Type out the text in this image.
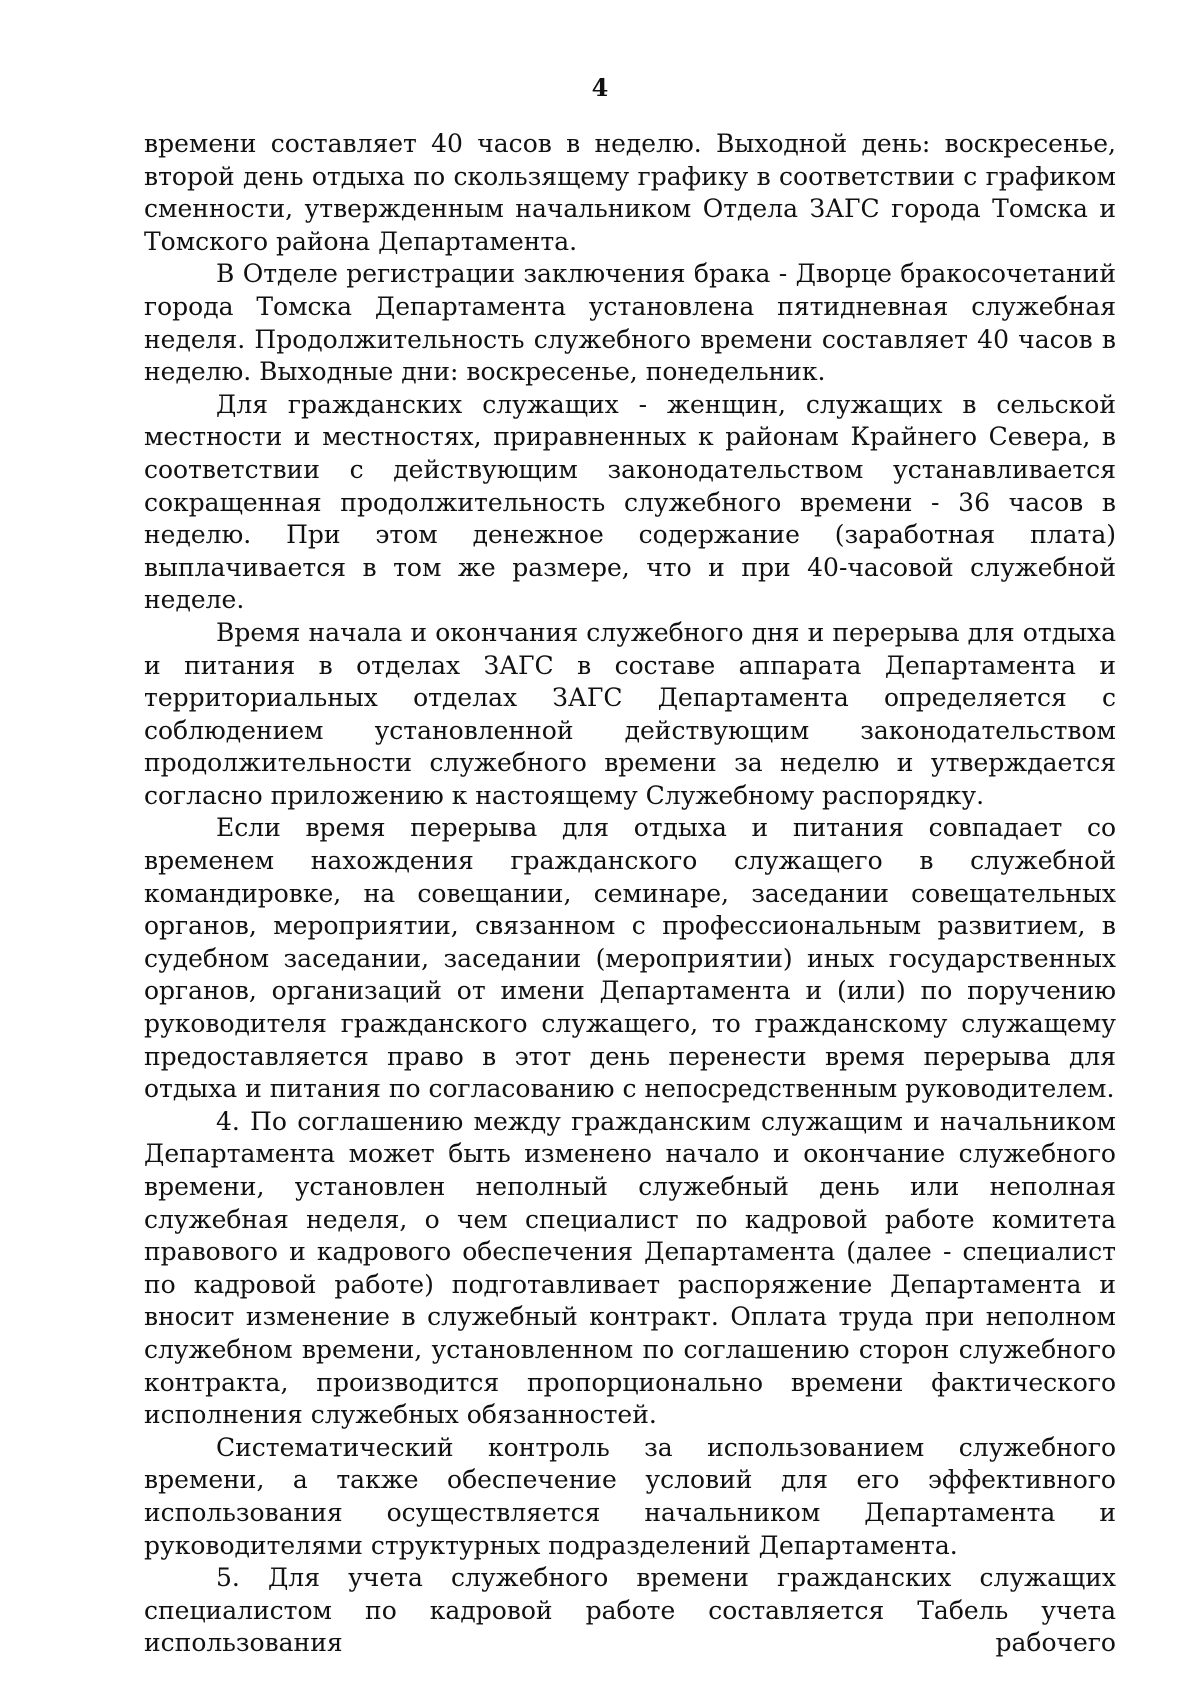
4

времени составляет 40 часов в неделю. Выходной день: воскресенье, второй день отдыха по скользящему графику в соответствии с графиком сменности, утвержденным начальником Отдела ЗАГС города Томска и Томского района Департамента.

В Отделе регистрации заключения брака - Дворце бракосочетаний города Томска Департамента установлена пятидневная служебная неделя. Продолжительность служебного времени составляет 40 часов в неделю. Выходные дни: воскресенье, понедельник.

Для гражданских служащих - женщин, служащих в сельской местности и местностях, приравненных к районам Крайнего Севера, в соответствии с действующим законодательством устанавливается сокращенная продолжительность служебного времени - 36 часов в неделю. При этом денежное содержание (заработная плата) выплачивается в том же размере, что и при 40-часовой служебной неделе.

Время начала и окончания служебного дня и перерыва для отдыха и питания в отделах ЗАГС в составе аппарата Департамента и территориальных отделах ЗАГС Департамента определяется с соблюдением установленной действующим законодательством продолжительности служебного времени за неделю и утверждается согласно приложению к настоящему Служебному распорядку.

Если время перерыва для отдыха и питания совпадает со временем нахождения гражданского служащего в служебной командировке, на совещании, семинаре, заседании совещательных органов, мероприятии, связанном с профессиональным развитием, в судебном заседании, заседании (мероприятии) иных государственных органов, организаций от имени Департамента и (или) по поручению руководителя гражданского служащего, то гражданскому служащему предоставляется право в этот день перенести время перерыва для отдыха и питания по согласованию с непосредственным руководителем.

4. По соглашению между гражданским служащим и начальником Департамента может быть изменено начало и окончание служебного времени, установлен неполный служебный день или неполная служебная неделя, о чем специалист по кадровой работе комитета правового и кадрового обеспечения Департамента (далее - специалист по кадровой работе) подготавливает распоряжение Департамента и вносит изменение в служебный контракт. Оплата труда при неполном служебном времени, установленном по соглашению сторон служебного контракта, производится пропорционально времени фактического исполнения служебных обязанностей.

Систематический контроль за использованием служебного времени, а также обеспечение условий для его эффективного использования осуществляется начальником Департамента и руководителями структурных подразделений Департамента.

5. Для учета служебного времени гражданских служащих специалистом по кадровой работе составляется Табель учета использования рабочего
